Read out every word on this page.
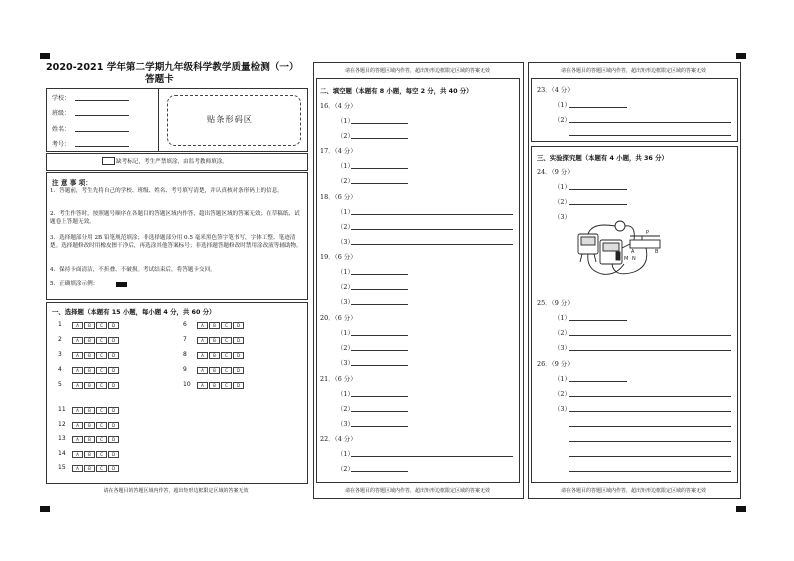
2020-2021 学年第二学期九年级科学教学质量检测（一）
答题卡
学校：
班级：
姓名：
考号：
贴条形码区
缺考标记，考生严禁填涂，由监考教师填涂。
注 意 事 项：
1．答题前，考生先将自己的学校、班级、姓名、考号填写清楚，并认真核对条形码上的信息。
2．考生作答时，按照题号顺序在各题目的答题区域内作答，超出答题区域的答案无效；在草稿纸、试题卷上答题无效。
3．选择题部分用 2B 铅笔规范填涂；非选择题部分用 0.5 毫米黑色签字笔书写，字体工整、笔迹清楚。选择题修改时用橡皮擦干净后，再选涂其他答案标号；非选择题答题修改时禁用涂改液等辅助物。
4．保持卡面清洁，不折叠、不破损。考试结束后，将答题卡交回。
5．正确填涂示例：
一、选择题（本题有 15 小题，每小题 4 分，共 60 分）
1	A	B	C	D
2	A	B	C	D
3	A	B	C	D
4	A	B	C	D
5	A	B	C	D
6	A	B	C	D
7	A	B	C	D
8	A	B	C	D
9	A	B	C	D
10	A	B	C	D
11	A	B	C	D
12	A	B	C	D
13	A	B	C	D
14	A	B	C	D
15	A	B	C	D
请在各题目的答题区域内作答，超出矩形边框限定区域的答案无效
请在各题目的答题区域内作答，超出矩形边框限定区域的答案无效
二、填空题（本题有 8 小题，每空 2 分，共 40 分）
16．（4 分）
（1）
（2）
17．（4 分）
（1）
（2）
18．（6 分）
（1）
（2）
（3）
19．（6 分）
（1）
（2）
（3）
20．（6 分）
（1）
（2）
（3）
21．（6 分）
（1）
（2）
（3）
22．（4 分）
（1）
（2）
请在各题目的答题区域内作答，超出矩形边框限定区域的答案无效
请在各题目的答题区域内作答，超出矩形边框限定区域的答案无效
23．（4 分）
（1）
（2）
三、实验探究题（本题有 4 小题，共 36 分）
24．（9 分）
（1）
（2）
（3）
P
A	B
M N
25．（9 分）
（1）
（2）
（3）
26．（9 分）
（1）
（2）
（3）
请在各题目的答题区域内作答，超出矩形边框限定区域的答案无效
